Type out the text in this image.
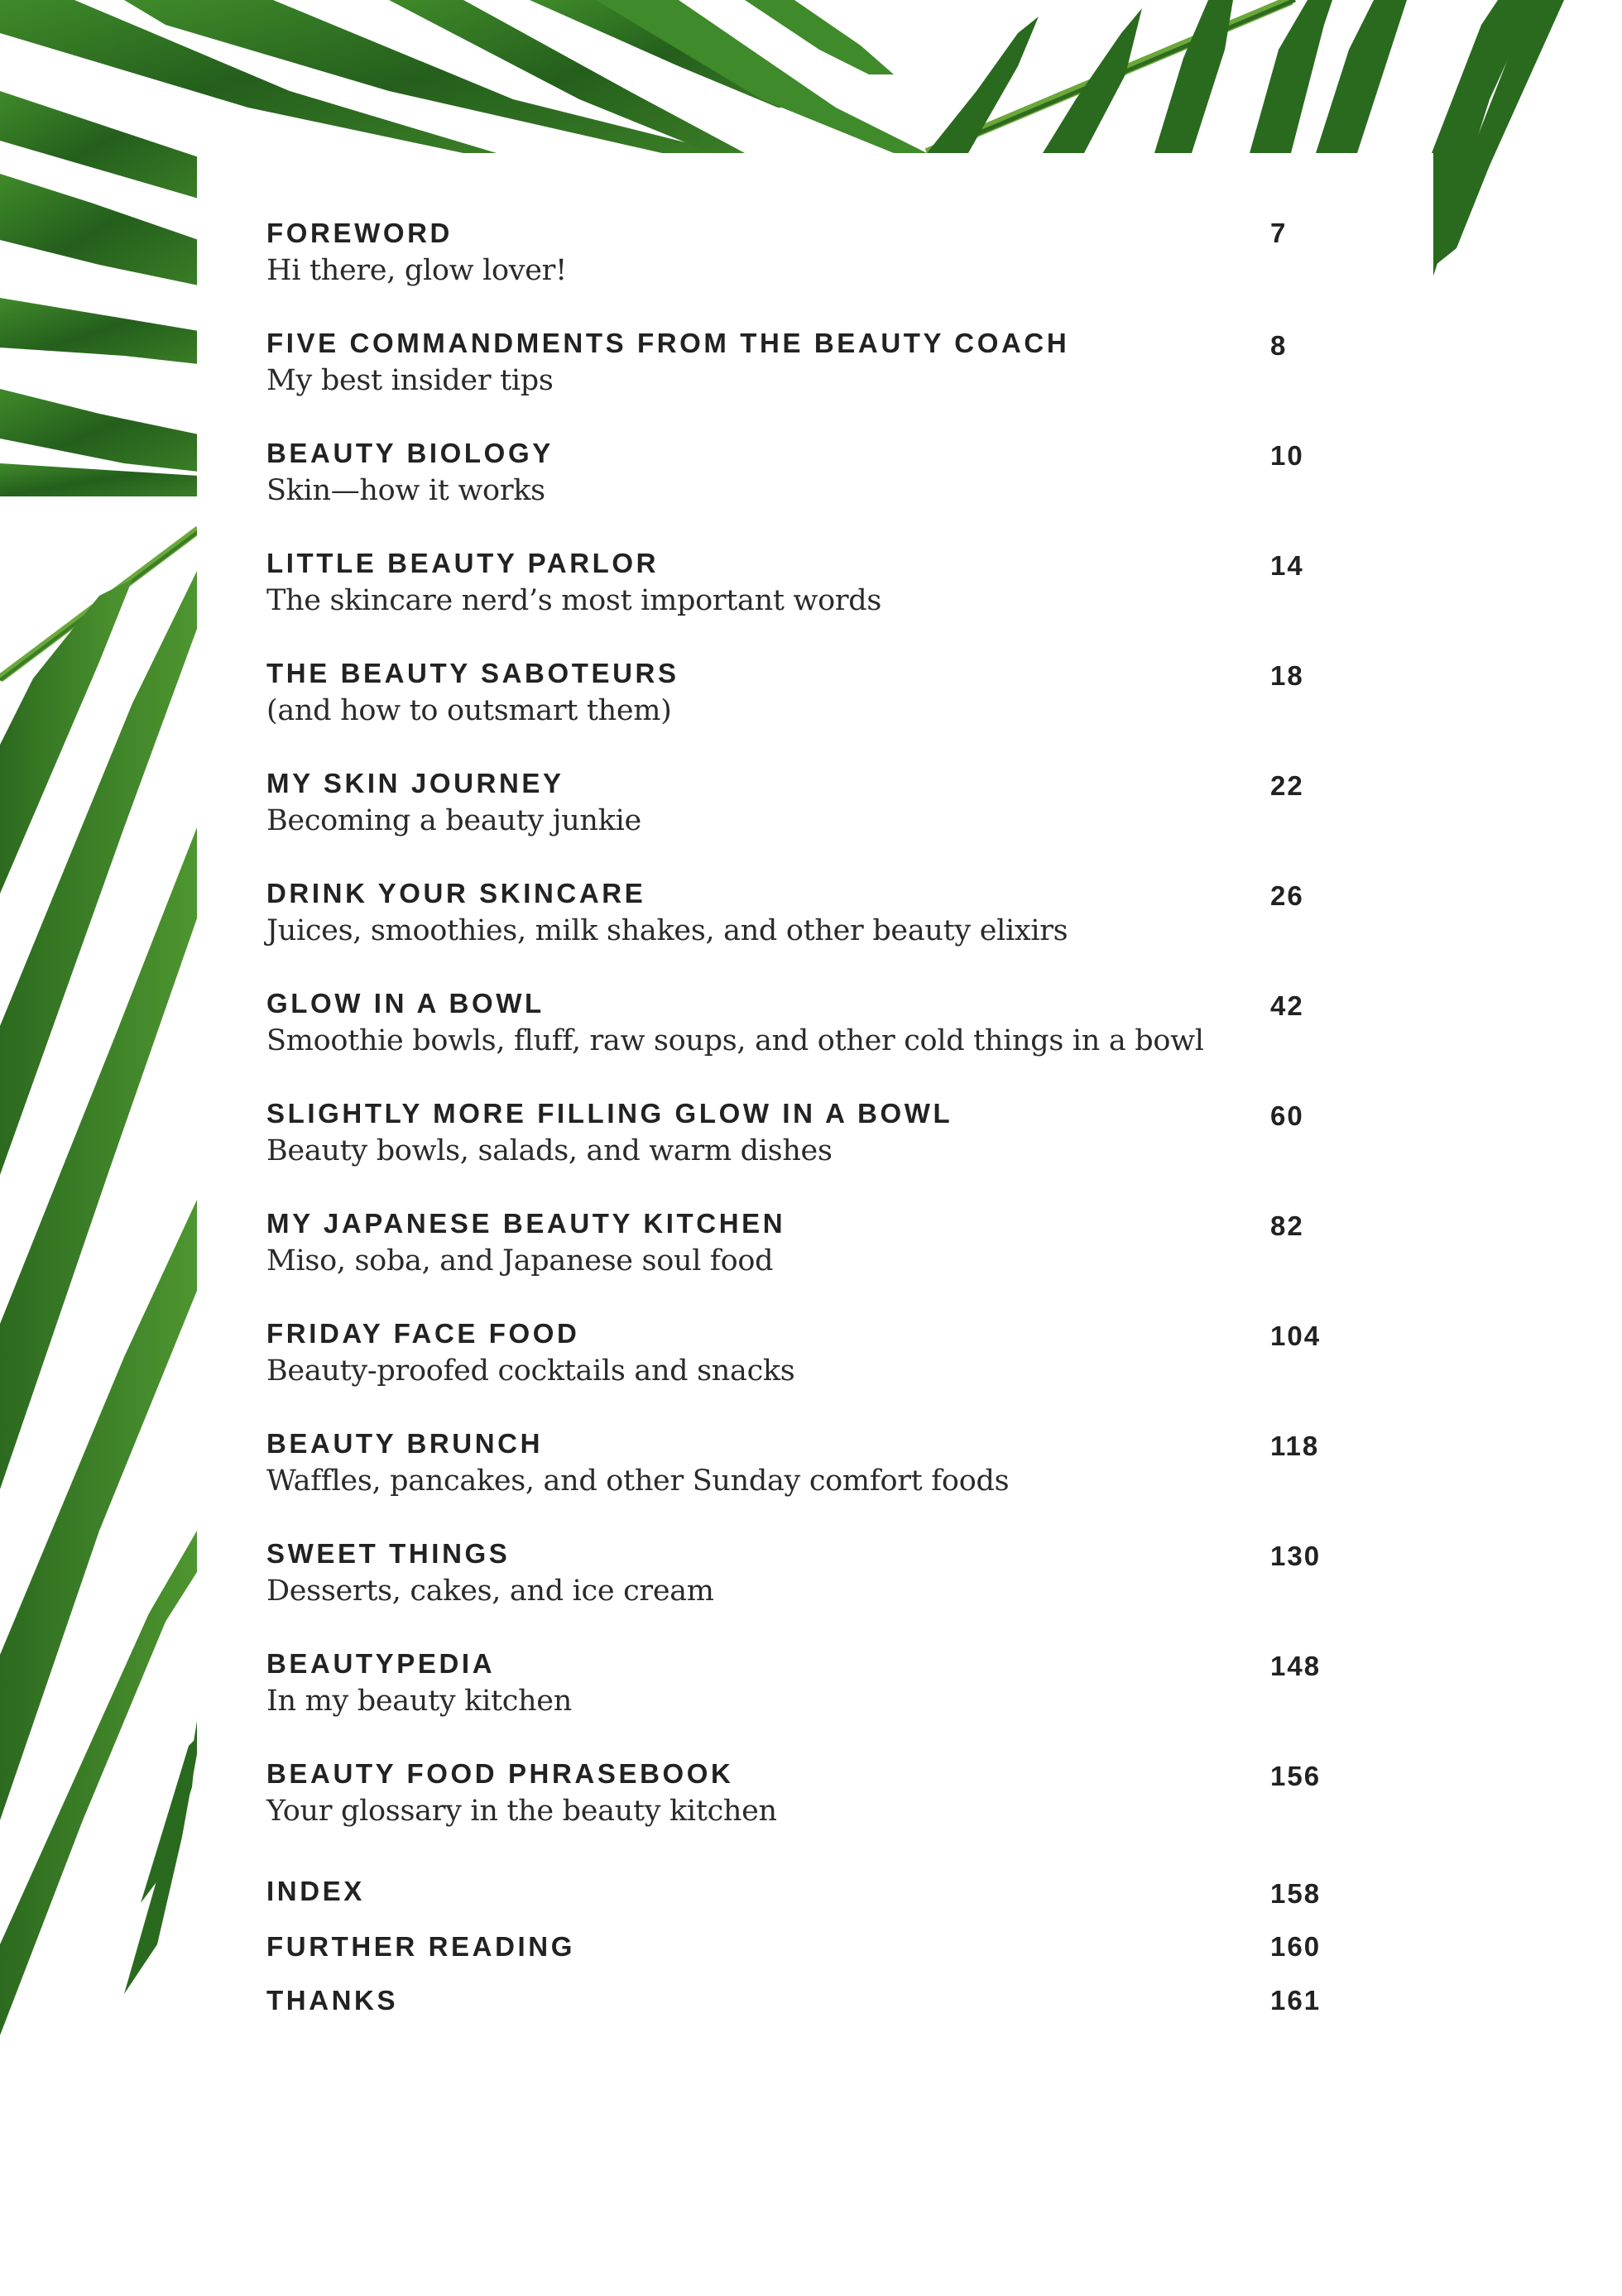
FOREWORD
Hi there, glow lover!
7
FIVE COMMANDMENTS FROM THE BEAUTY COACH
My best insider tips
8
BEAUTY BIOLOGY
Skin—how it works
10
LITTLE BEAUTY PARLOR
The skincare nerd’s most important words
14
THE BEAUTY SABOTEURS
(and how to outsmart them)
18
MY SKIN JOURNEY
Becoming a beauty junkie
22
DRINK YOUR SKINCARE
Juices, smoothies, milk shakes, and other beauty elixirs
26
GLOW IN A BOWL
Smoothie bowls, fluff, raw soups, and other cold things in a bowl
42
SLIGHTLY MORE FILLING GLOW IN A BOWL
Beauty bowls, salads, and warm dishes
60
MY JAPANESE BEAUTY KITCHEN
Miso, soba, and Japanese soul food
82
FRIDAY FACE FOOD
Beauty-proofed cocktails and snacks
104
BEAUTY BRUNCH
Waffles, pancakes, and other Sunday comfort foods
118
SWEET THINGS
Desserts, cakes, and ice cream
130
BEAUTYPEDIA
In my beauty kitchen
148
BEAUTY FOOD PHRASEBOOK
Your glossary in the beauty kitchen
156
INDEX	158
FURTHER READING	160
THANKS	161
